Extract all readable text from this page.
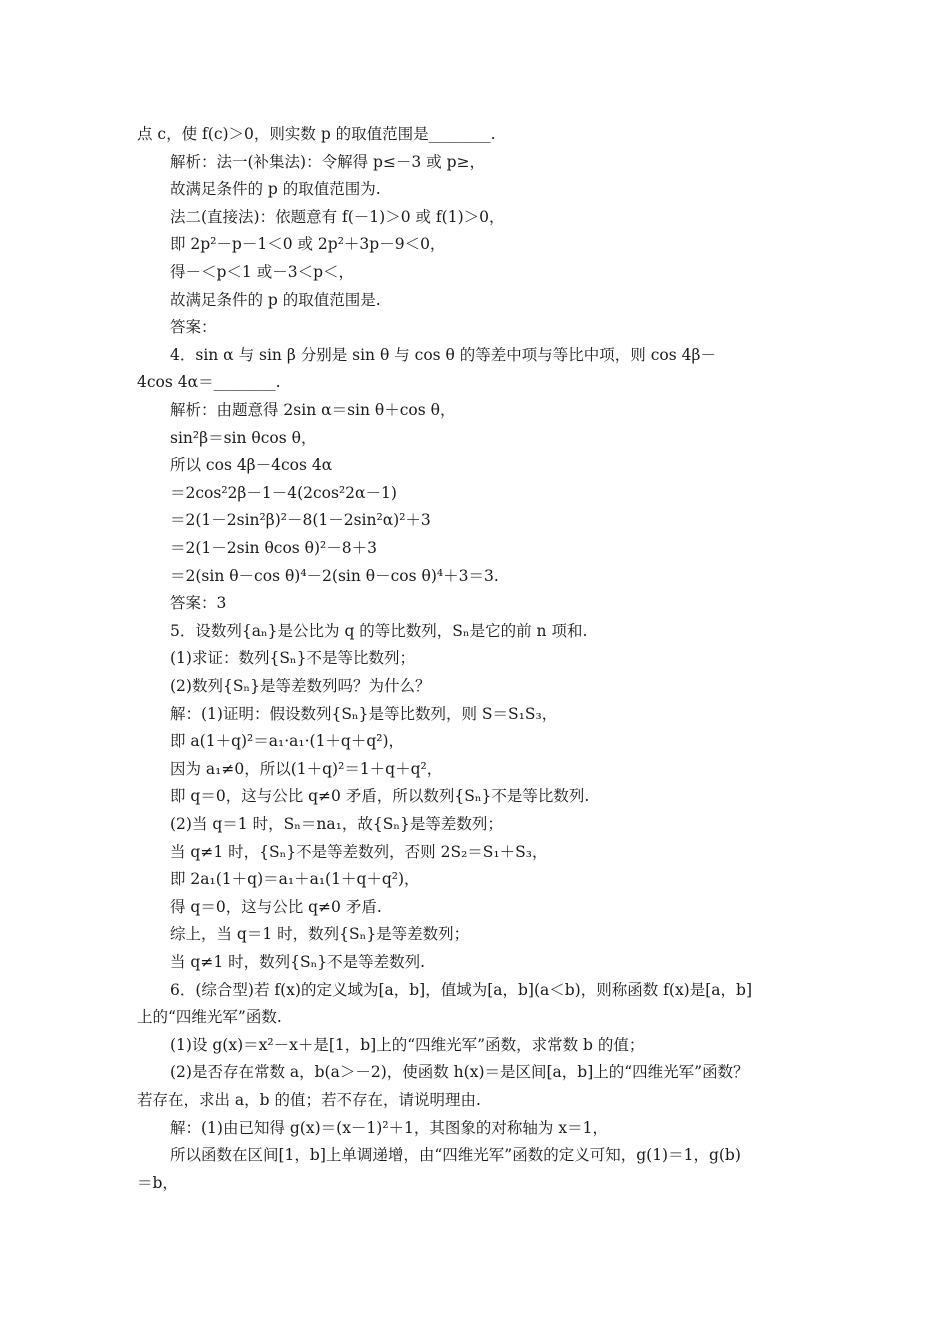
点 c，使 f(c)＞0，则实数 p 的取值范围是________.
解析：法一(补集法)：令解得 p≤－3 或 p≥，
故满足条件的 p 的取值范围为.
法二(直接法)：依题意有 f(－1)＞0 或 f(1)＞0，
即 2p²－p－1＜0 或 2p²＋3p－9＜0，
得－＜p＜1 或－3＜p＜，
故满足条件的 p 的取值范围是.
答案：
4．sin α 与 sin β 分别是 sin θ 与 cos θ 的等差中项与等比中项，则 cos 4β－
4cos 4α＝________.
解析：由题意得 2sin α＝sin θ＋cos θ，
sin²β＝sin θcos θ，
所以 cos 4β－4cos 4α
＝2cos²2β－1－4(2cos²2α－1)
＝2(1－2sin²β)²－8(1－2sin²α)²＋3
＝2(1－2sin θcos θ)²－8＋3
＝2(sin θ－cos θ)⁴－2(sin θ－cos θ)⁴＋3＝3.
答案：3
5．设数列{aₙ}是公比为 q 的等比数列，Sₙ是它的前 n 项和.
(1)求证：数列{Sₙ}不是等比数列；
(2)数列{Sₙ}是等差数列吗？为什么？
解：(1)证明：假设数列{Sₙ}是等比数列，则 S＝S₁S₃，
即 a(1＋q)²＝a₁·a₁·(1＋q＋q²)，
因为 a₁≠0，所以(1＋q)²＝1＋q＋q²，
即 q＝0，这与公比 q≠0 矛盾，所以数列{Sₙ}不是等比数列.
(2)当 q＝1 时，Sₙ＝na₁，故{Sₙ}是等差数列；
当 q≠1 时，{Sₙ}不是等差数列，否则 2S₂＝S₁＋S₃，
即 2a₁(1＋q)＝a₁＋a₁(1＋q＋q²)，
得 q＝0，这与公比 q≠0 矛盾.
综上，当 q＝1 时，数列{Sₙ}是等差数列；
当 q≠1 时，数列{Sₙ}不是等差数列.
6．(综合型)若 f(x)的定义域为[a，b]，值域为[a，b](a＜b)，则称函数 f(x)是[a，b]
上的“四维光军”函数.
(1)设 g(x)＝x²－x＋是[1，b]上的“四维光军”函数，求常数 b 的值；
(2)是否存在常数 a，b(a＞－2)，使函数 h(x)＝是区间[a，b]上的“四维光军”函数？
若存在，求出 a，b 的值；若不存在，请说明理由.
解：(1)由已知得 g(x)＝(x－1)²＋1，其图象的对称轴为 x＝1，
所以函数在区间[1，b]上单调递增，由“四维光军”函数的定义可知，g(1)＝1，g(b)
＝b，
